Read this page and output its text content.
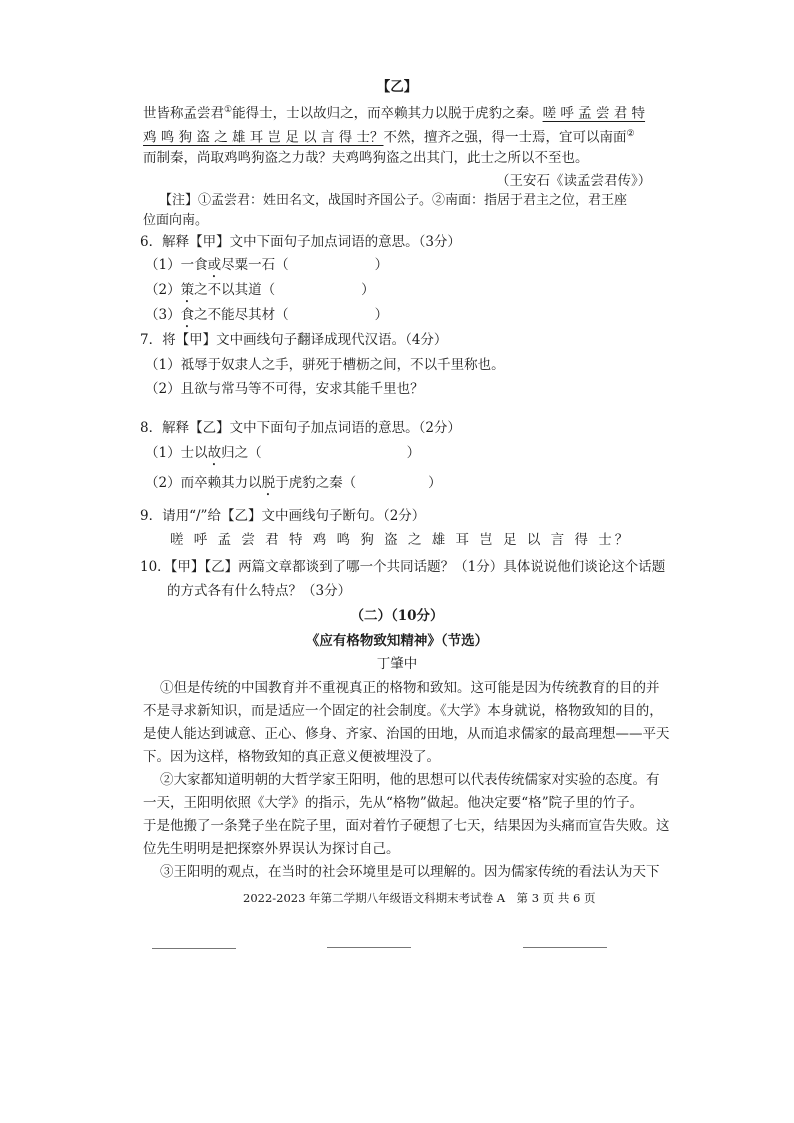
【乙】
世皆称孟尝君①能得士，士以故归之，而卒赖其力以脱于虎豹之秦。嗟 呼 孟 尝 君 特
鸡 鸣 狗 盗 之 雄 耳 岂 足 以 言 得 士？不然，擅齐之强，得一士焉，宜可以南面②
而制秦，尚取鸡鸣狗盗之力哉？夫鸡鸣狗盗之出其门，此士之所以不至也。
（王安石《读孟尝君传》）
【注】①孟尝君：姓田名文，战国时齐国公子。②南面：指居于君主之位，君王座
位面向南。
6．解释【甲】文中下面句子加点词语的意思。（3分）
（1）一食或尽粟一石（	）
（2）策之不以其道（	）
（3）食之不能尽其材（	）
7．将【甲】文中画线句子翻译成现代汉语。（4分）
（1）祗辱于奴隶人之手，骈死于槽枥之间，不以千里称也。
（2）且欲与常马等不可得，安求其能千里也？
8．解释【乙】文中下面句子加点词语的意思。（2分）
（1）士以故归之（	）
（2）而卒赖其力以脱于虎豹之秦（	）
9．请用“/”给【乙】文中画线句子断句。（2分）
嗟 呼 孟 尝 君 特 鸡 鸣 狗 盗 之 雄 耳 岂 足 以 言 得 士？
10．【甲】【乙】两篇文章都谈到了哪一个共同话题？（1分）具体说说他们谈论这个话题
的方式各有什么特点？（3分）
（二）（10分）
《应有格物致知精神》（节选）
丁肇中
①但是传统的中国教育并不重视真正的格物和致知。这可能是因为传统教育的目的并
不是寻求新知识，而是适应一个固定的社会制度。《大学》本身就说，格物致知的目的，
是使人能达到诚意、正心、修身、齐家、治国的田地，从而追求儒家的最高理想——平天
下。因为这样，格物致知的真正意义便被埋没了。
②大家都知道明朝的大哲学家王阳明，他的思想可以代表传统儒家对实验的态度。有
一天，王阳明依照《大学》的指示，先从“格物”做起。他决定要“格”院子里的竹子。
于是他搬了一条凳子坐在院子里，面对着竹子硬想了七天，结果因为头痛而宣告失败。这
位先生明明是把探察外界误认为探讨自己。
③王阳明的观点，在当时的社会环境里是可以理解的。因为儒家传统的看法认为天下
2022-2023 年第二学期八年级语文科期末考试卷 A　第 3 页 共 6 页
